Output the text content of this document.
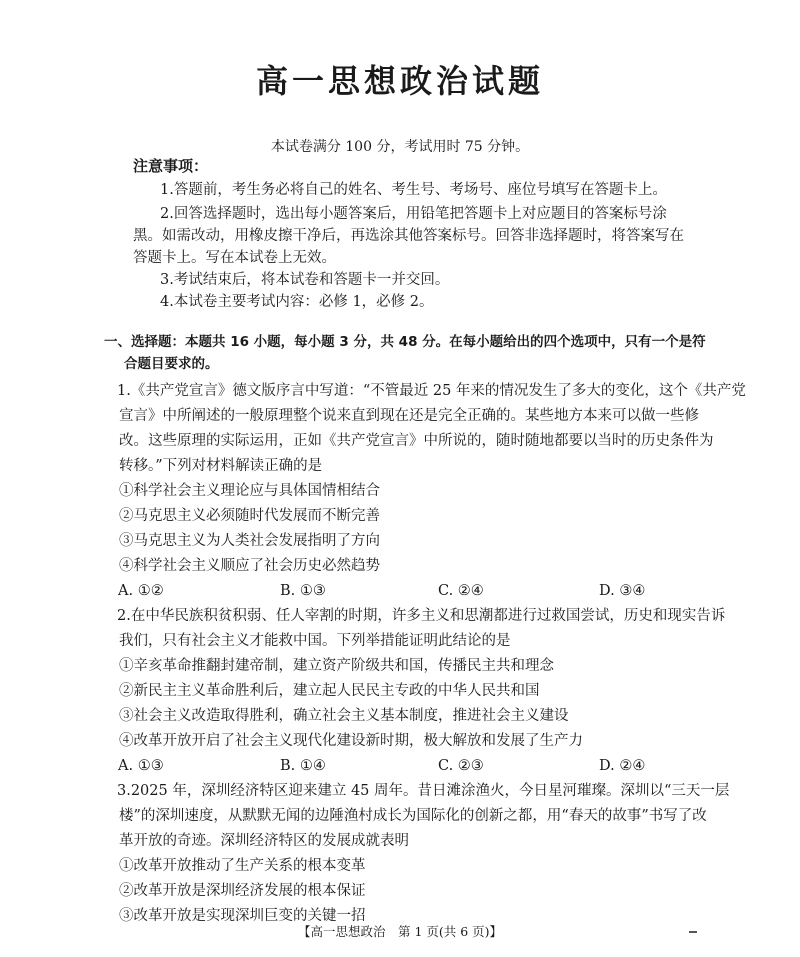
高一思想政治试题
本试卷满分 100 分，考试用时 75 分钟。
注意事项：
1.答题前，考生务必将自己的姓名、考生号、考场号、座位号填写在答题卡上。
2.回答选择题时，选出每小题答案后，用铅笔把答题卡上对应题目的答案标号涂
黑。如需改动，用橡皮擦干净后，再选涂其他答案标号。回答非选择题时，将答案写在
答题卡上。写在本试卷上无效。
3.考试结束后，将本试卷和答题卡一并交回。
4.本试卷主要考试内容：必修 1，必修 2。
一、选择题：本题共 16 小题，每小题 3 分，共 48 分。在每小题给出的四个选项中，只有一个是符
合题目要求的。
1.《共产党宣言》德文版序言中写道：“不管最近 25 年来的情况发生了多大的变化，这个《共产党
宣言》中所阐述的一般原理整个说来直到现在还是完全正确的。某些地方本来可以做一些修
改。这些原理的实际运用，正如《共产党宣言》中所说的，随时随地都要以当时的历史条件为
转移。”下列对材料解读正确的是
①科学社会主义理论应与具体国情相结合
②马克思主义必须随时代发展而不断完善
③马克思主义为人类社会发展指明了方向
④科学社会主义顺应了社会历史必然趋势
A. ①②	B. ①③	C. ②④	D. ③④
2.在中华民族积贫积弱、任人宰割的时期，许多主义和思潮都进行过救国尝试，历史和现实告诉
我们，只有社会主义才能救中国。下列举措能证明此结论的是
①辛亥革命推翻封建帝制，建立资产阶级共和国，传播民主共和理念
②新民主主义革命胜利后，建立起人民民主专政的中华人民共和国
③社会主义改造取得胜利，确立社会主义基本制度，推进社会主义建设
④改革开放开启了社会主义现代化建设新时期，极大解放和发展了生产力
A. ①③	B. ①④	C. ②③	D. ②④
3.2025 年，深圳经济特区迎来建立 45 周年。昔日滩涂渔火，今日星河璀璨。深圳以“三天一层
楼”的深圳速度，从默默无闻的边陲渔村成长为国际化的创新之都，用“春天的故事”书写了改
革开放的奇迹。深圳经济特区的发展成就表明
①改革开放推动了生产关系的根本变革
②改革开放是深圳经济发展的根本保证
③改革开放是实现深圳巨变的关键一招
【高一思想政治　第 1 页(共 6 页)】
